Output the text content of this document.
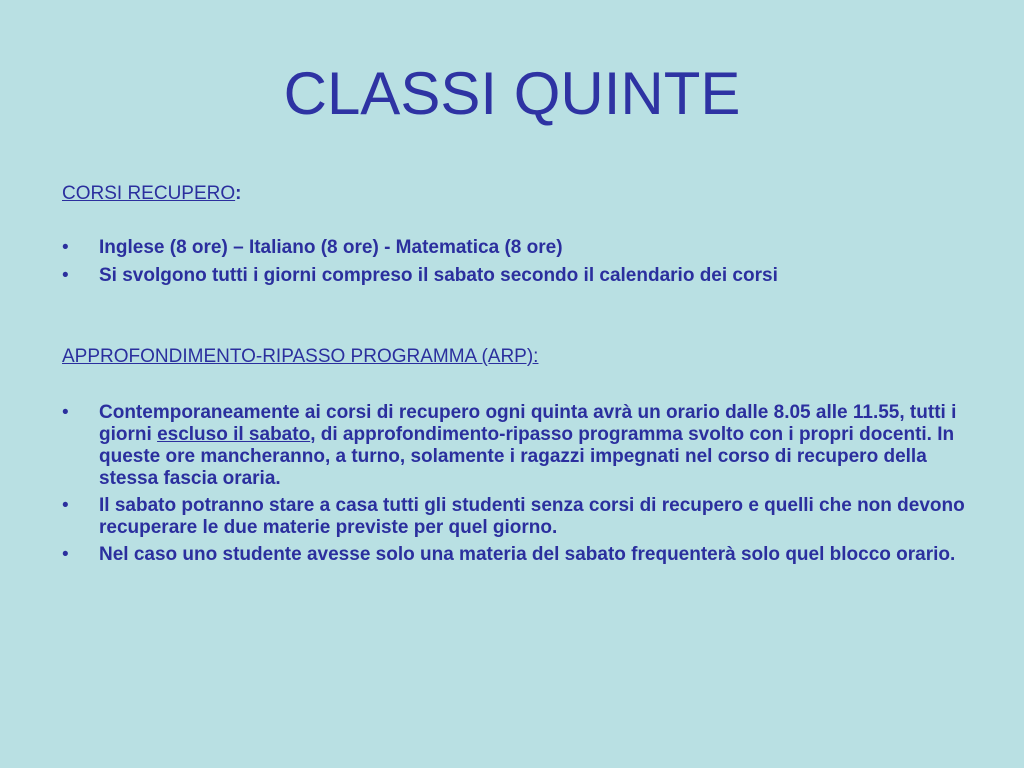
CLASSI QUINTE
CORSI RECUPERO:
• Inglese (8 ore) – Italiano (8 ore) - Matematica (8 ore)
• Si svolgono tutti i giorni compreso il sabato secondo il calendario dei corsi
APPROFONDIMENTO-RIPASSO PROGRAMMA (ARP):
• Contemporaneamente ai corsi di recupero ogni quinta avrà un orario dalle 8.05 alle 11.55, tutti i giorni escluso il sabato, di approfondimento-ripasso programma svolto con i propri docenti. In queste ore mancheranno, a turno, solamente i ragazzi impegnati nel corso di recupero della stessa fascia oraria.
• Il sabato potranno stare a casa tutti gli studenti senza corsi di recupero e quelli che non devono recuperare le due materie previste per quel giorno.
• Nel caso uno studente avesse solo una materia del sabato frequenterà solo quel blocco orario.
